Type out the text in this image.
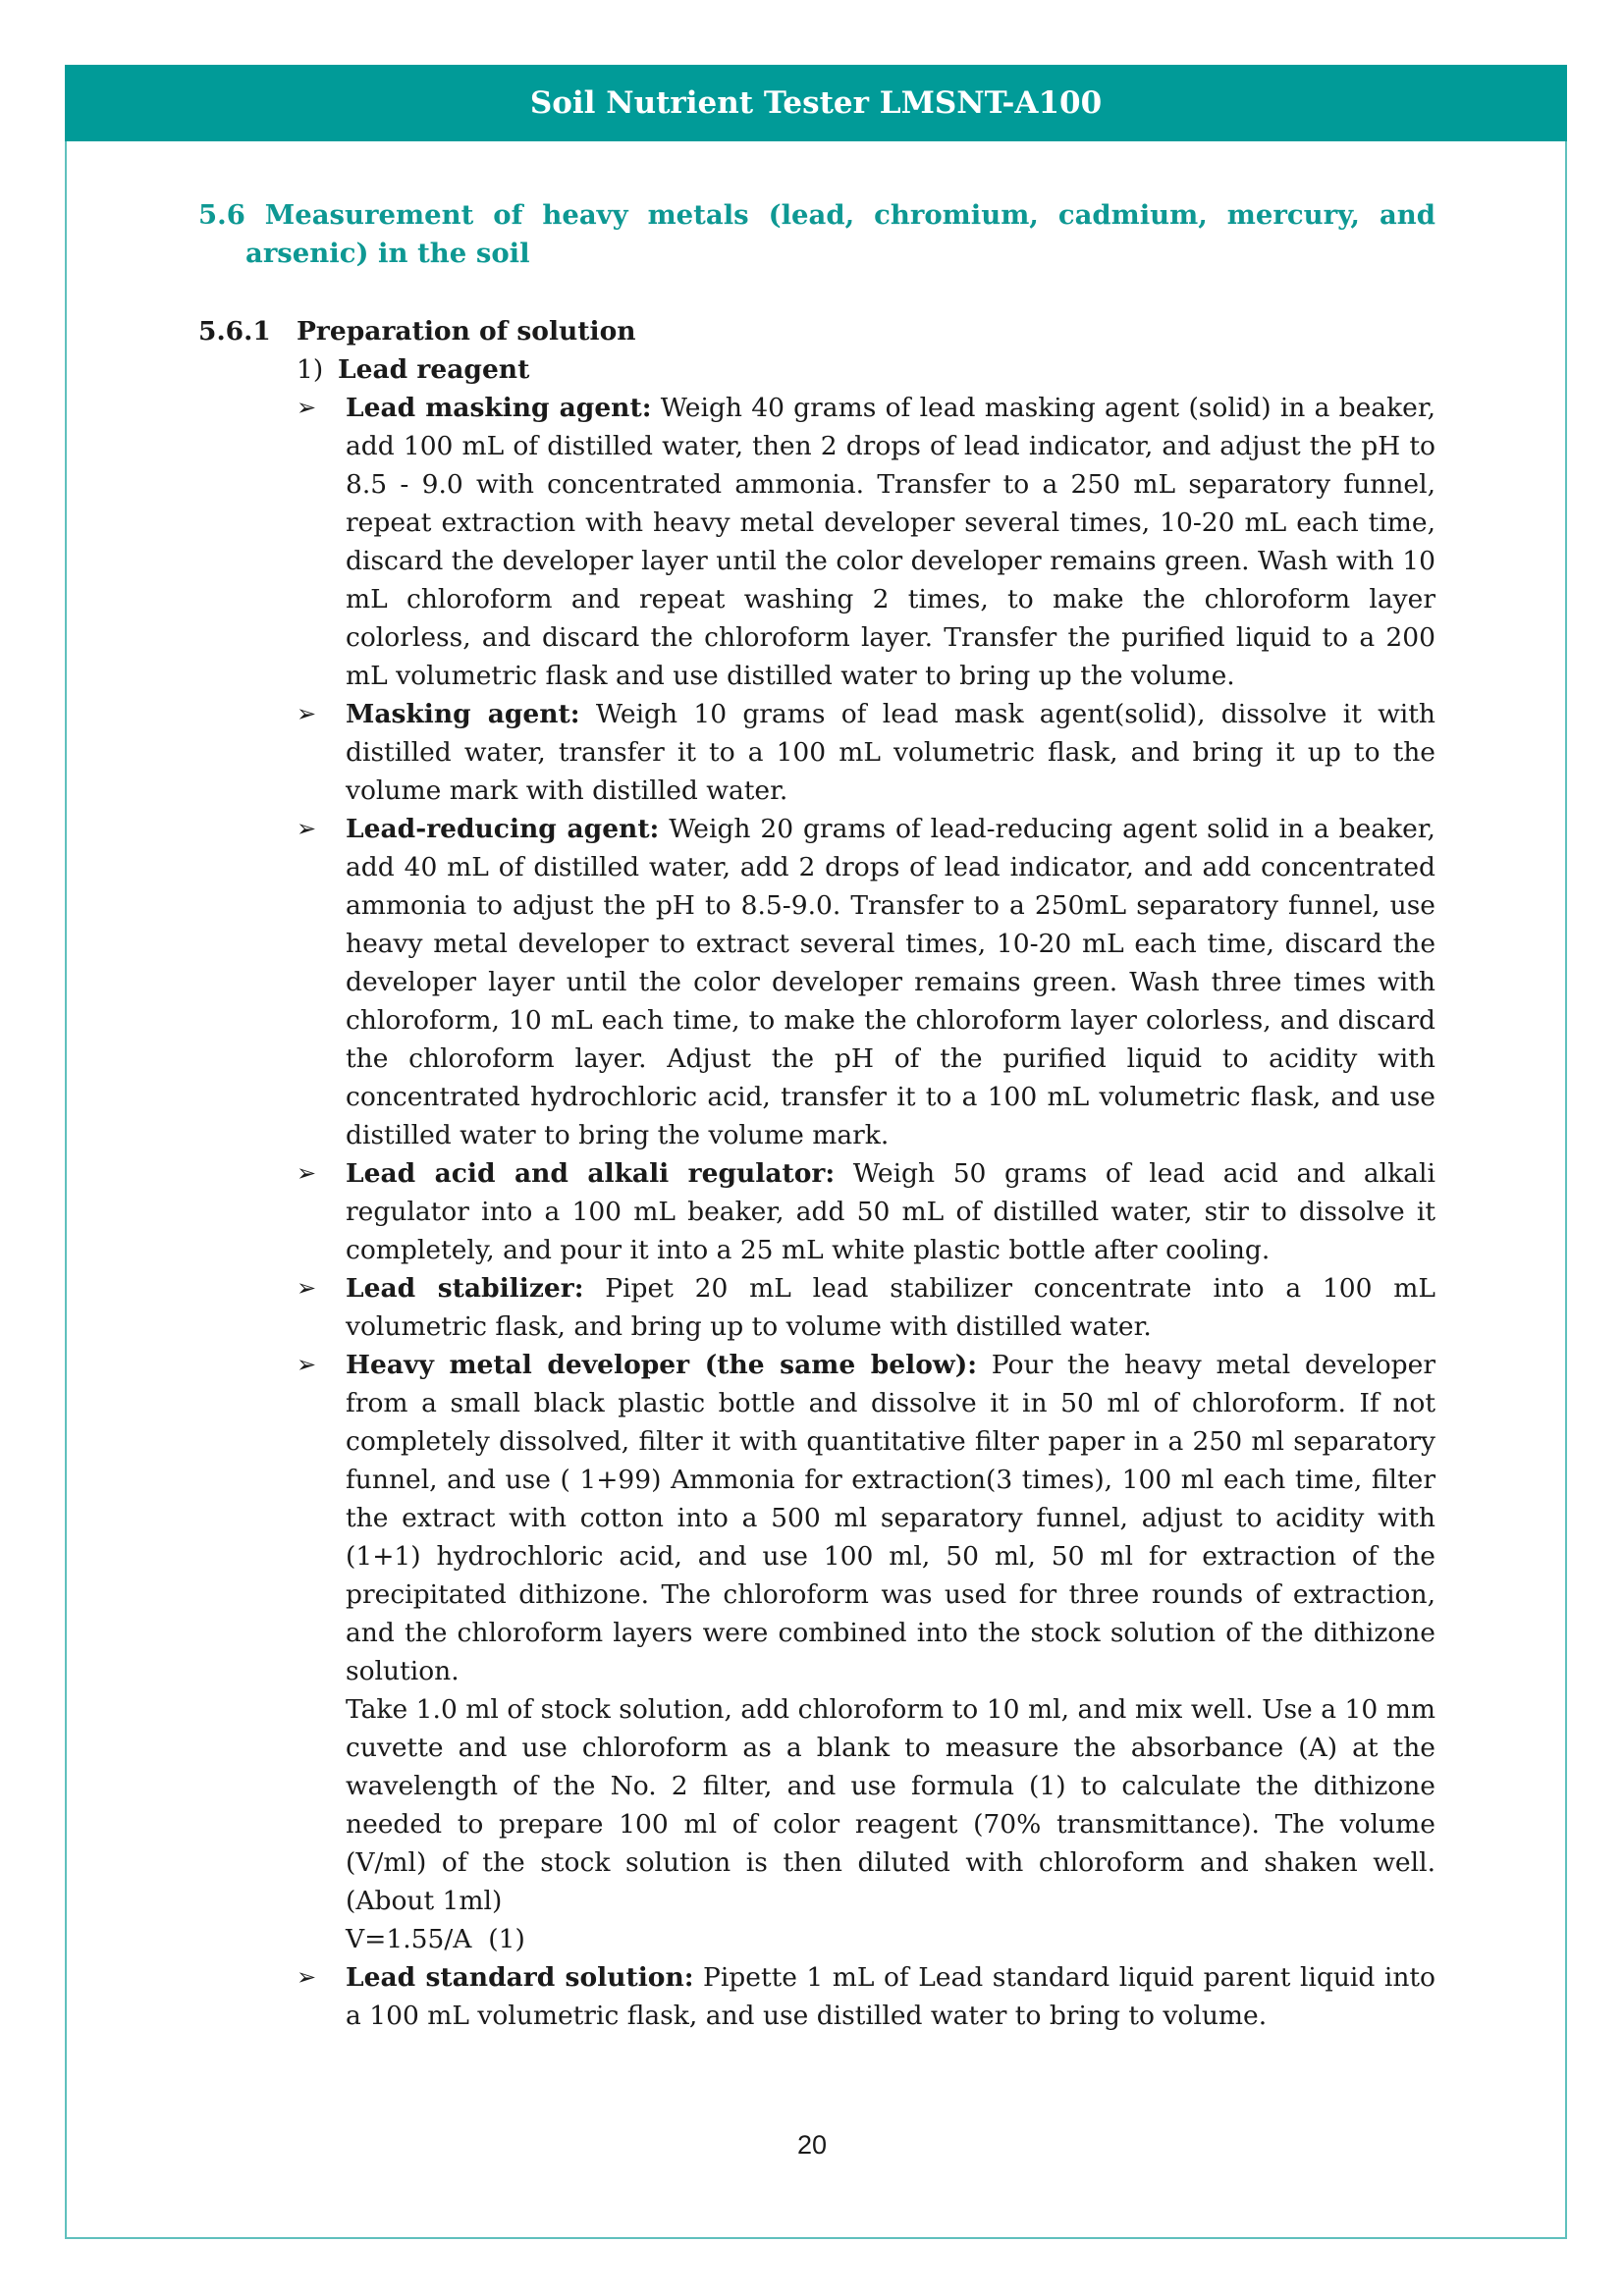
Soil Nutrient Tester LMSNT-A100
5.6 Measurement of heavy metals (lead, chromium, cadmium, mercury, and
arsenic) in the soil
5.6.1 Preparation of solution
1) Lead reagent
➢	Lead masking agent: Weigh 40 grams of lead masking agent (solid) in a beaker, add 100 mL of distilled water, then 2 drops of lead indicator, and adjust the pH to 8.5 - 9.0 with concentrated ammonia. Transfer to a 250 mL separatory funnel, repeat extraction with heavy metal developer several times, 10-20 mL each time, discard the developer layer until the color developer remains green. Wash with 10 mL chloroform and repeat washing 2 times, to make the chloroform layer colorless, and discard the chloroform layer. Transfer the purified liquid to a 200 mL volumetric flask and use distilled water to bring up the volume.
➢	Masking agent: Weigh 10 grams of lead mask agent(solid), dissolve it with distilled water, transfer it to a 100 mL volumetric flask, and bring it up to the volume mark with distilled water.
➢	Lead-reducing agent: Weigh 20 grams of lead-reducing agent solid in a beaker, add 40 mL of distilled water, add 2 drops of lead indicator, and add concentrated ammonia to adjust the pH to 8.5-9.0. Transfer to a 250mL separatory funnel, use heavy metal developer to extract several times, 10-20 mL each time, discard the developer layer until the color developer remains green. Wash three times with chloroform, 10 mL each time, to make the chloroform layer colorless, and discard the chloroform layer. Adjust the pH of the purified liquid to acidity with concentrated hydrochloric acid, transfer it to a 100 mL volumetric flask, and use distilled water to bring the volume mark.
➢	Lead acid and alkali regulator: Weigh 50 grams of lead acid and alkali regulator into a 100 mL beaker, add 50 mL of distilled water, stir to dissolve it completely, and pour it into a 25 mL white plastic bottle after cooling.
➢	Lead stabilizer: Pipet 20 mL lead stabilizer concentrate into a 100 mL volumetric flask, and bring up to volume with distilled water.
➢	Heavy metal developer (the same below): Pour the heavy metal developer from a small black plastic bottle and dissolve it in 50 ml of chloroform. If not completely dissolved, filter it with quantitative filter paper in a 250 ml separatory funnel, and use ( 1+99) Ammonia for extraction(3 times), 100 ml each time, filter the extract with cotton into a 500 ml separatory funnel, adjust to acidity with (1+1) hydrochloric acid, and use 100 ml, 50 ml, 50 ml for extraction of the precipitated dithizone. The chloroform was used for three rounds of extraction, and the chloroform layers were combined into the stock solution of the dithizone solution.
Take 1.0 ml of stock solution, add chloroform to 10 ml, and mix well. Use a 10 mm cuvette and use chloroform as a blank to measure the absorbance (A) at the wavelength of the No. 2 filter, and use formula (1) to calculate the dithizone needed to prepare 100 ml of color reagent (70% transmittance). The volume (V/ml) of the stock solution is then diluted with chloroform and shaken well. (About 1ml)
V=1.55/A  (1)
➢	Lead standard solution: Pipette 1 mL of Lead standard liquid parent liquid into a 100 mL volumetric flask, and use distilled water to bring to volume.
20
